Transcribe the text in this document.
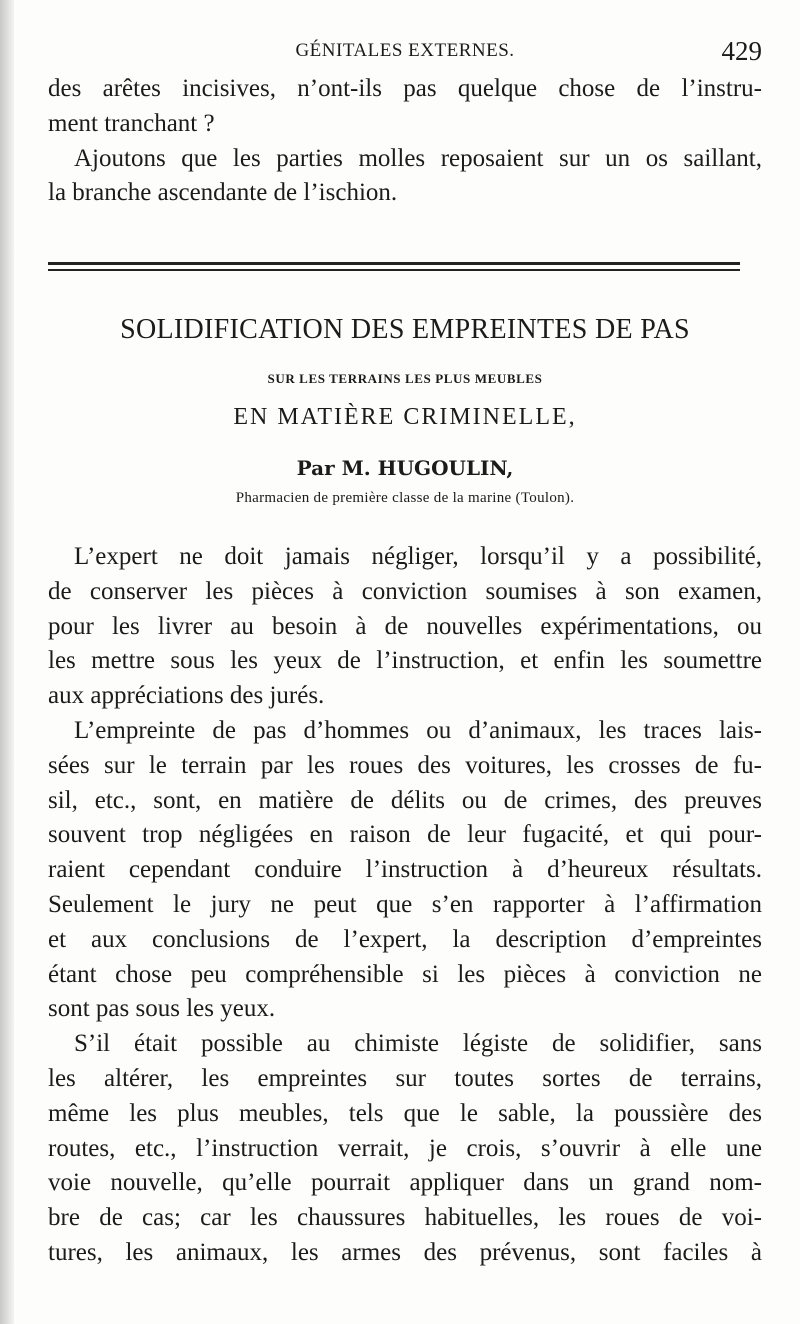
GÉNITALES EXTERNES.	429
des arêtes incisives, n’ont-ils pas quelque chose de l’instru-
ment tranchant ?
Ajoutons que les parties molles reposaient sur un os saillant,
la branche ascendante de l’ischion.
SOLIDIFICATION DES EMPREINTES DE PAS
SUR LES TERRAINS LES PLUS MEUBLES
EN MATIÈRE CRIMINELLE,
Par M. HUGOULIN,
Pharmacien de première classe de la marine (Toulon).
L’expert ne doit jamais négliger, lorsqu’il y a possibilité,
de conserver les pièces à conviction soumises à son examen,
pour les livrer au besoin à de nouvelles expérimentations, ou
les mettre sous les yeux de l’instruction, et enfin les soumettre
aux appréciations des jurés.
L’empreinte de pas d’hommes ou d’animaux, les traces lais-
sées sur le terrain par les roues des voitures, les crosses de fu-
sil, etc., sont, en matière de délits ou de crimes, des preuves
souvent trop négligées en raison de leur fugacité, et qui pour-
raient cependant conduire l’instruction à d’heureux résultats.
Seulement le jury ne peut que s’en rapporter à l’affirmation
et aux conclusions de l’expert, la description d’empreintes
étant chose peu compréhensible si les pièces à conviction ne
sont pas sous les yeux.
S’il était possible au chimiste légiste de solidifier, sans
les altérer, les empreintes sur toutes sortes de terrains,
même les plus meubles, tels que le sable, la poussière des
routes, etc., l’instruction verrait, je crois, s’ouvrir à elle une
voie nouvelle, qu’elle pourrait appliquer dans un grand nom-
bre de cas; car les chaussures habituelles, les roues de voi-
tures, les animaux, les armes des prévenus, sont faciles à
